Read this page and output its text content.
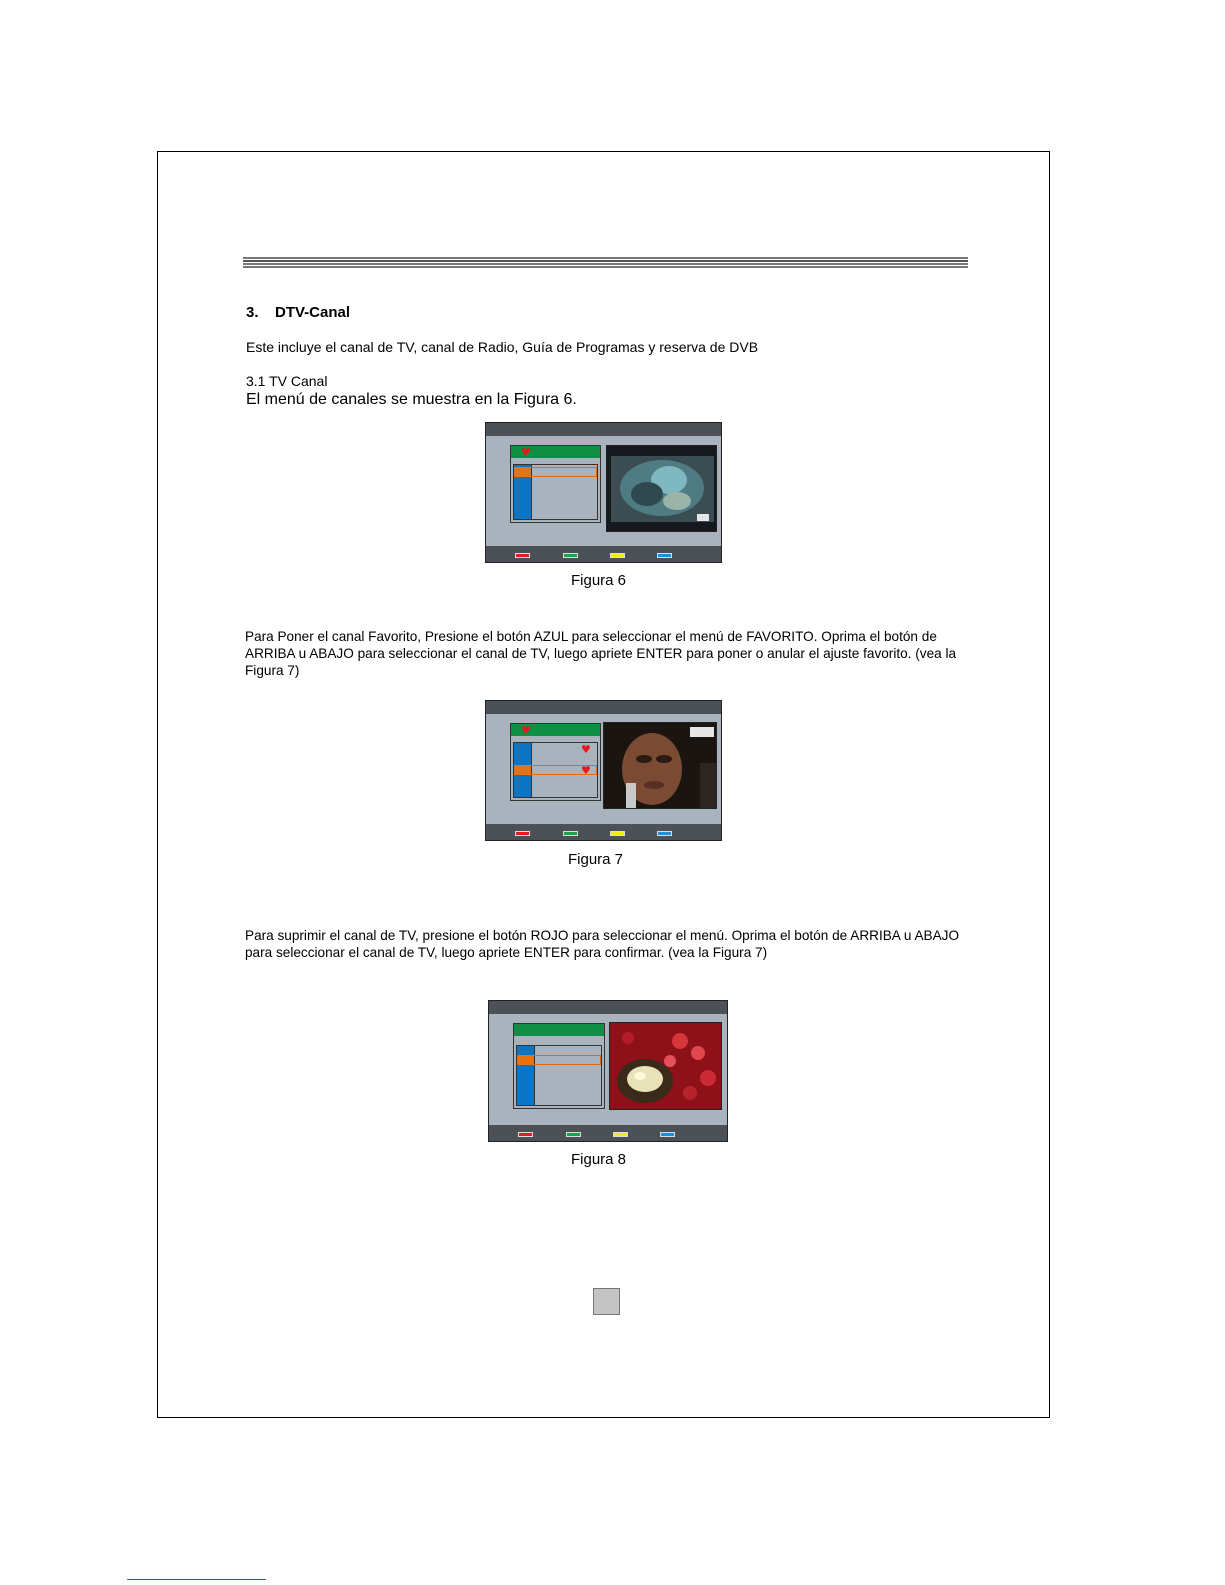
3. DTV-Canal
Este incluye el canal de TV, canal de Radio, Guía de Programas y reserva de DVB
3.1 TV Canal
El menú de canales se muestra en la Figura 6.
♥
Figura 6
Para Poner el canal Favorito, Presione el botón AZUL para seleccionar el menú de FAVORITO. Oprima el botón de ARRIBA u ABAJO para seleccionar el canal de TV, luego apriete ENTER para poner o anular el ajuste favorito. (vea la Figura 7)
♥
♥
♥
Figura 7
Para suprimir el canal de TV, presione el botón ROJO para seleccionar el menú. Oprima el botón de ARRIBA u ABAJO para seleccionar el canal de TV, luego apriete ENTER para confirmar. (vea la Figura 7)
Figura 8
